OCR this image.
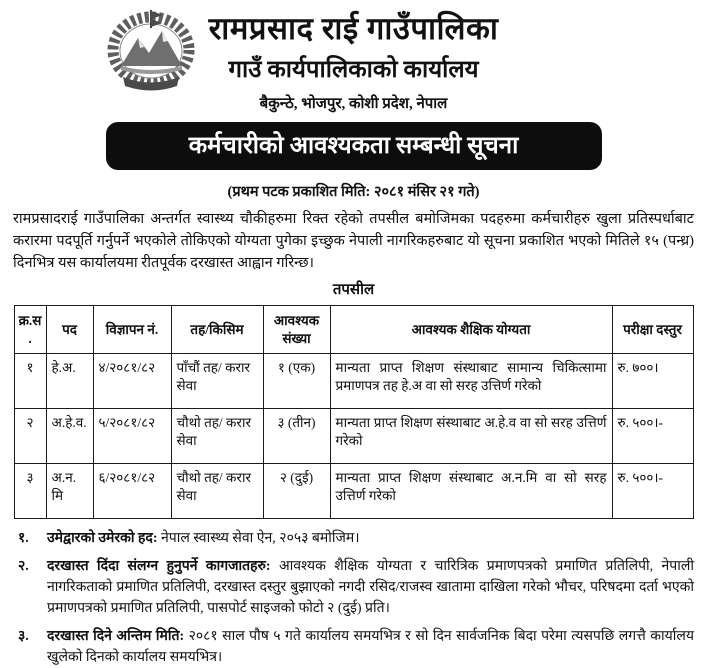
रामप्रसाद राई गाउँपालिका
गाउँ कार्यपालिकाको कार्यालय
बैकुन्ठे, भोजपुर, कोशी प्रदेश, नेपाल
कर्मचारीको आवश्यकता सम्बन्धी सूचना
(प्रथम पटक प्रकाशित मिति: २०८१ मंसिर २१ गते)
रामप्रसादराई गाउँपालिका अन्तर्गत स्वास्थ्य चौकीहरुमा रिक्त रहेको तपसील बमोजिमका पदहरुमा कर्मचारीहरु खुला प्रतिस्पर्धाबाट करारमा पदपूर्ति गर्नुपर्ने भएकोले तोकिएको योग्यता पुगेका इच्छुक नेपाली नागरिकहरुबाट यो सूचना प्रकाशित भएको मितिले १५ (पन्ध्र) दिनभित्र यस कार्यालयमा रीतपूर्वक दरखास्त आह्वान गरिन्छ।
तपसील
क्र.स.	पद	विज्ञापन नं.	तह/किसिम	आवश्यक संख्या	आवश्यक शैक्षिक योग्यता	परीक्षा दस्तुर
१	हे.अ.	४/२०८१/८२	पाँचौं तह/ करार सेवा	१ (एक)	मान्यता प्राप्त शिक्षण संस्थाबाट सामान्य चिकित्सामा प्रमाणपत्र तह हे.अ वा सो सरह उत्तिर्ण गरेको	रु. ७००।
२	अ.हे.व.	५/२०८१/८२	चौथो तह/ करार सेवा	३ (तीन)	मान्यता प्राप्त शिक्षण संस्थाबाट अ.हे.व वा सो सरह उत्तिर्ण गरेको	रु. ५००।-
३	अ.न.मि	६/२०८१/८२	चौथो तह/ करार सेवा	२ (दुई)	मान्यता प्राप्त शिक्षण संस्थाबाट अ.न.मि वा सो सरह उत्तिर्ण गरेको	रु. ५००।-
१.	उमेद्वारको उमेरको हद: नेपाल स्वास्थ्य सेवा ऐन, २०५३ बमोजिम।
२.	दरखास्त दिंदा संलग्न हुनुपर्ने कागजातहरु: आवश्यक शैक्षिक योग्यता र चारित्रिक प्रमाणपत्रको प्रमाणित प्रतिलिपी, नेपाली नागरिकताको प्रमाणित प्रतिलिपी, दरखास्त दस्तुर बुझाएको नगदी रसिद/राजस्व खातामा दाखिला गरेको भौचर, परिषदमा दर्ता भएको प्रमाणपत्रको प्रमाणित प्रतिलिपी, पासपोर्ट साइजको फोटो २ (दुई) प्रति।
३.	दरखास्त दिने अन्तिम मिति: २०८१ साल पौष ५ गते कार्यालय समयभित्र र सो दिन सार्वजनिक बिदा परेमा त्यसपछि लगत्तै कार्यालय खुलेको दिनको कार्यालय समयभित्र।
